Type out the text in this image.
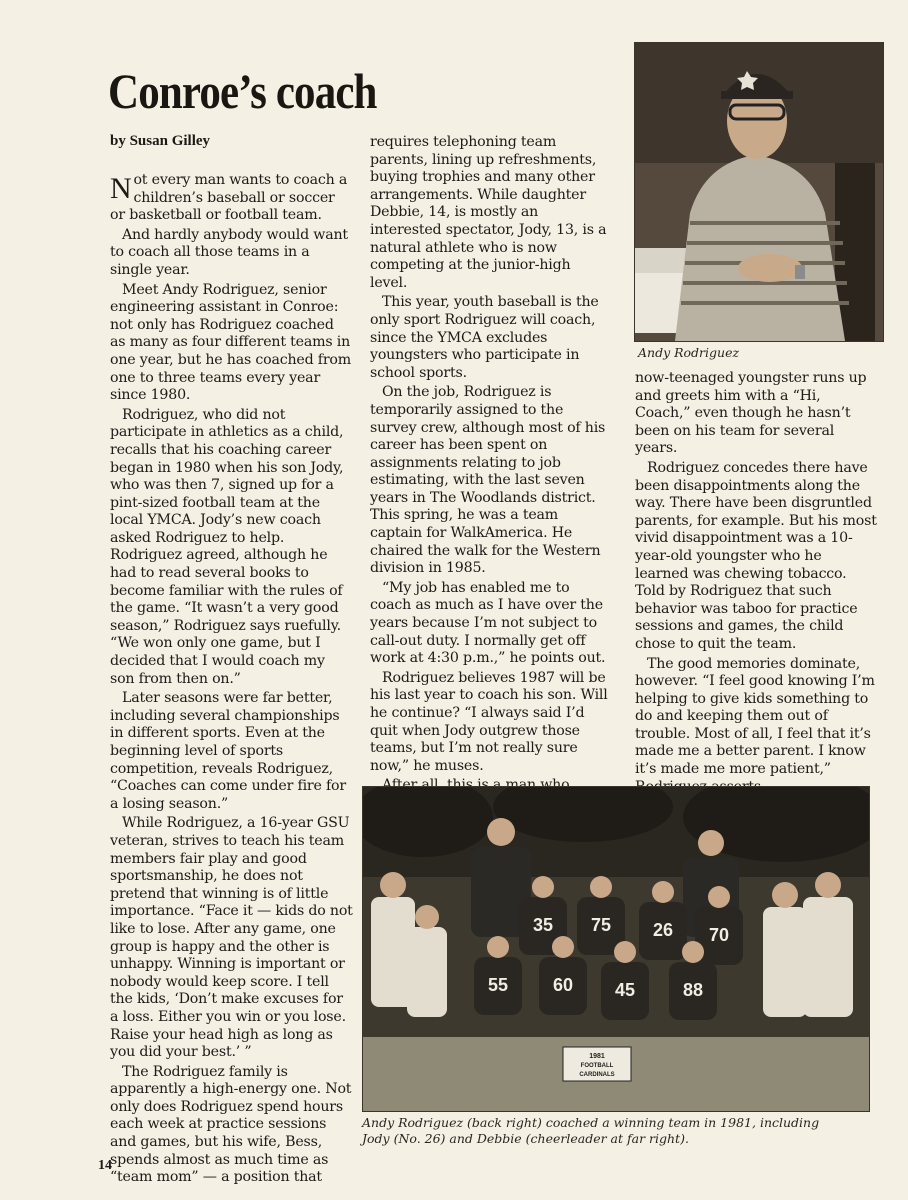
Conroe’s coach
by Susan Gilley

Not every man wants to coach a children’s baseball or soccer or basketball or football team.

And hardly anybody would want to coach all those teams in a single year.

Meet Andy Rodriguez, senior engineering assistant in Conroe: not only has Rodriguez coached as many as four different teams in one year, but he has coached from one to three teams every year since 1980.

Rodriguez, who did not participate in athletics as a child, recalls that his coaching career began in 1980 when his son Jody, who was then 7, signed up for a pint-sized football team at the local YMCA. Jody’s new coach asked Rodriguez to help. Rodriguez agreed, although he had to read several books to become familiar with the rules of the game. “It wasn’t a very good season,” Rodriguez says ruefully. “We won only one game, but I decided that I would coach my son from then on.”

Later seasons were far better, including several championships in different sports. Even at the beginning level of sports competition, reveals Rodriguez, “Coaches can come under fire for a losing season.”

While Rodriguez, a 16-year GSU veteran, strives to teach his team members fair play and good sportsmanship, he does not pretend that winning is of little importance. “Face it — kids do not like to lose. After any game, one group is happy and the other is unhappy. Winning is important or nobody would keep score. I tell the kids, ‘Don’t make excuses for a loss. Either you win or you lose. Raise your head high as long as you did your best.’ ”

The Rodriguez family is apparently a high-energy one. Not only does Rodriguez spend hours each week at practice sessions and games, but his wife, Bess, spends almost as much time as “team mom” — a position that

requires telephoning team parents, lining up refreshments, buying trophies and many other arrangements. While daughter Debbie, 14, is mostly an interested spectator, Jody, 13, is a natural athlete who is now competing at the junior-high level.

This year, youth baseball is the only sport Rodriguez will coach, since the YMCA excludes youngsters who participate in school sports.

On the job, Rodriguez is temporarily assigned to the survey crew, although most of his career has been spent on assignments relating to job estimating, with the last seven years in The Woodlands district. This spring, he was a team captain for WalkAmerica. He chaired the walk for the Western division in 1985.

“My job has enabled me to coach as much as I have over the years because I’m not subject to call-out duty. I normally get off work at 4:30 p.m.,” he points out.

Rodriguez believes 1987 will be his last year to coach his son. Will he continue? “I always said I’d quit when Jody outgrew those teams, but I’m not really sure now,” he muses.

Andy Rodriguez

now-teenaged youngster runs up and greets him with a “Hi, Coach,” even though he hasn’t been on his team for several years.

Rodriguez concedes there have been disappointments along the way. There have been disgruntled parents, for example. But his most vivid disappointment was a 10-year-old youngster who he learned was chewing tobacco. Told by Rodriguez that such behavior was taboo for practice sessions and games, the child chose to quit the team.

The good memories dominate, however. “I feel good knowing I’m helping to give kids something to do and keeping them out of trouble. Most of all, I feel that it’s made me a better parent. I know it’s made me more patient,”

35 75 26 70
55 60 45	88
1981
FOOTBALL
CARDINALS
Andy Rodriguez (back right) coached a winning team in 1981, including Jody (No. 26) and Debbie (cheerleader at far right).
14
